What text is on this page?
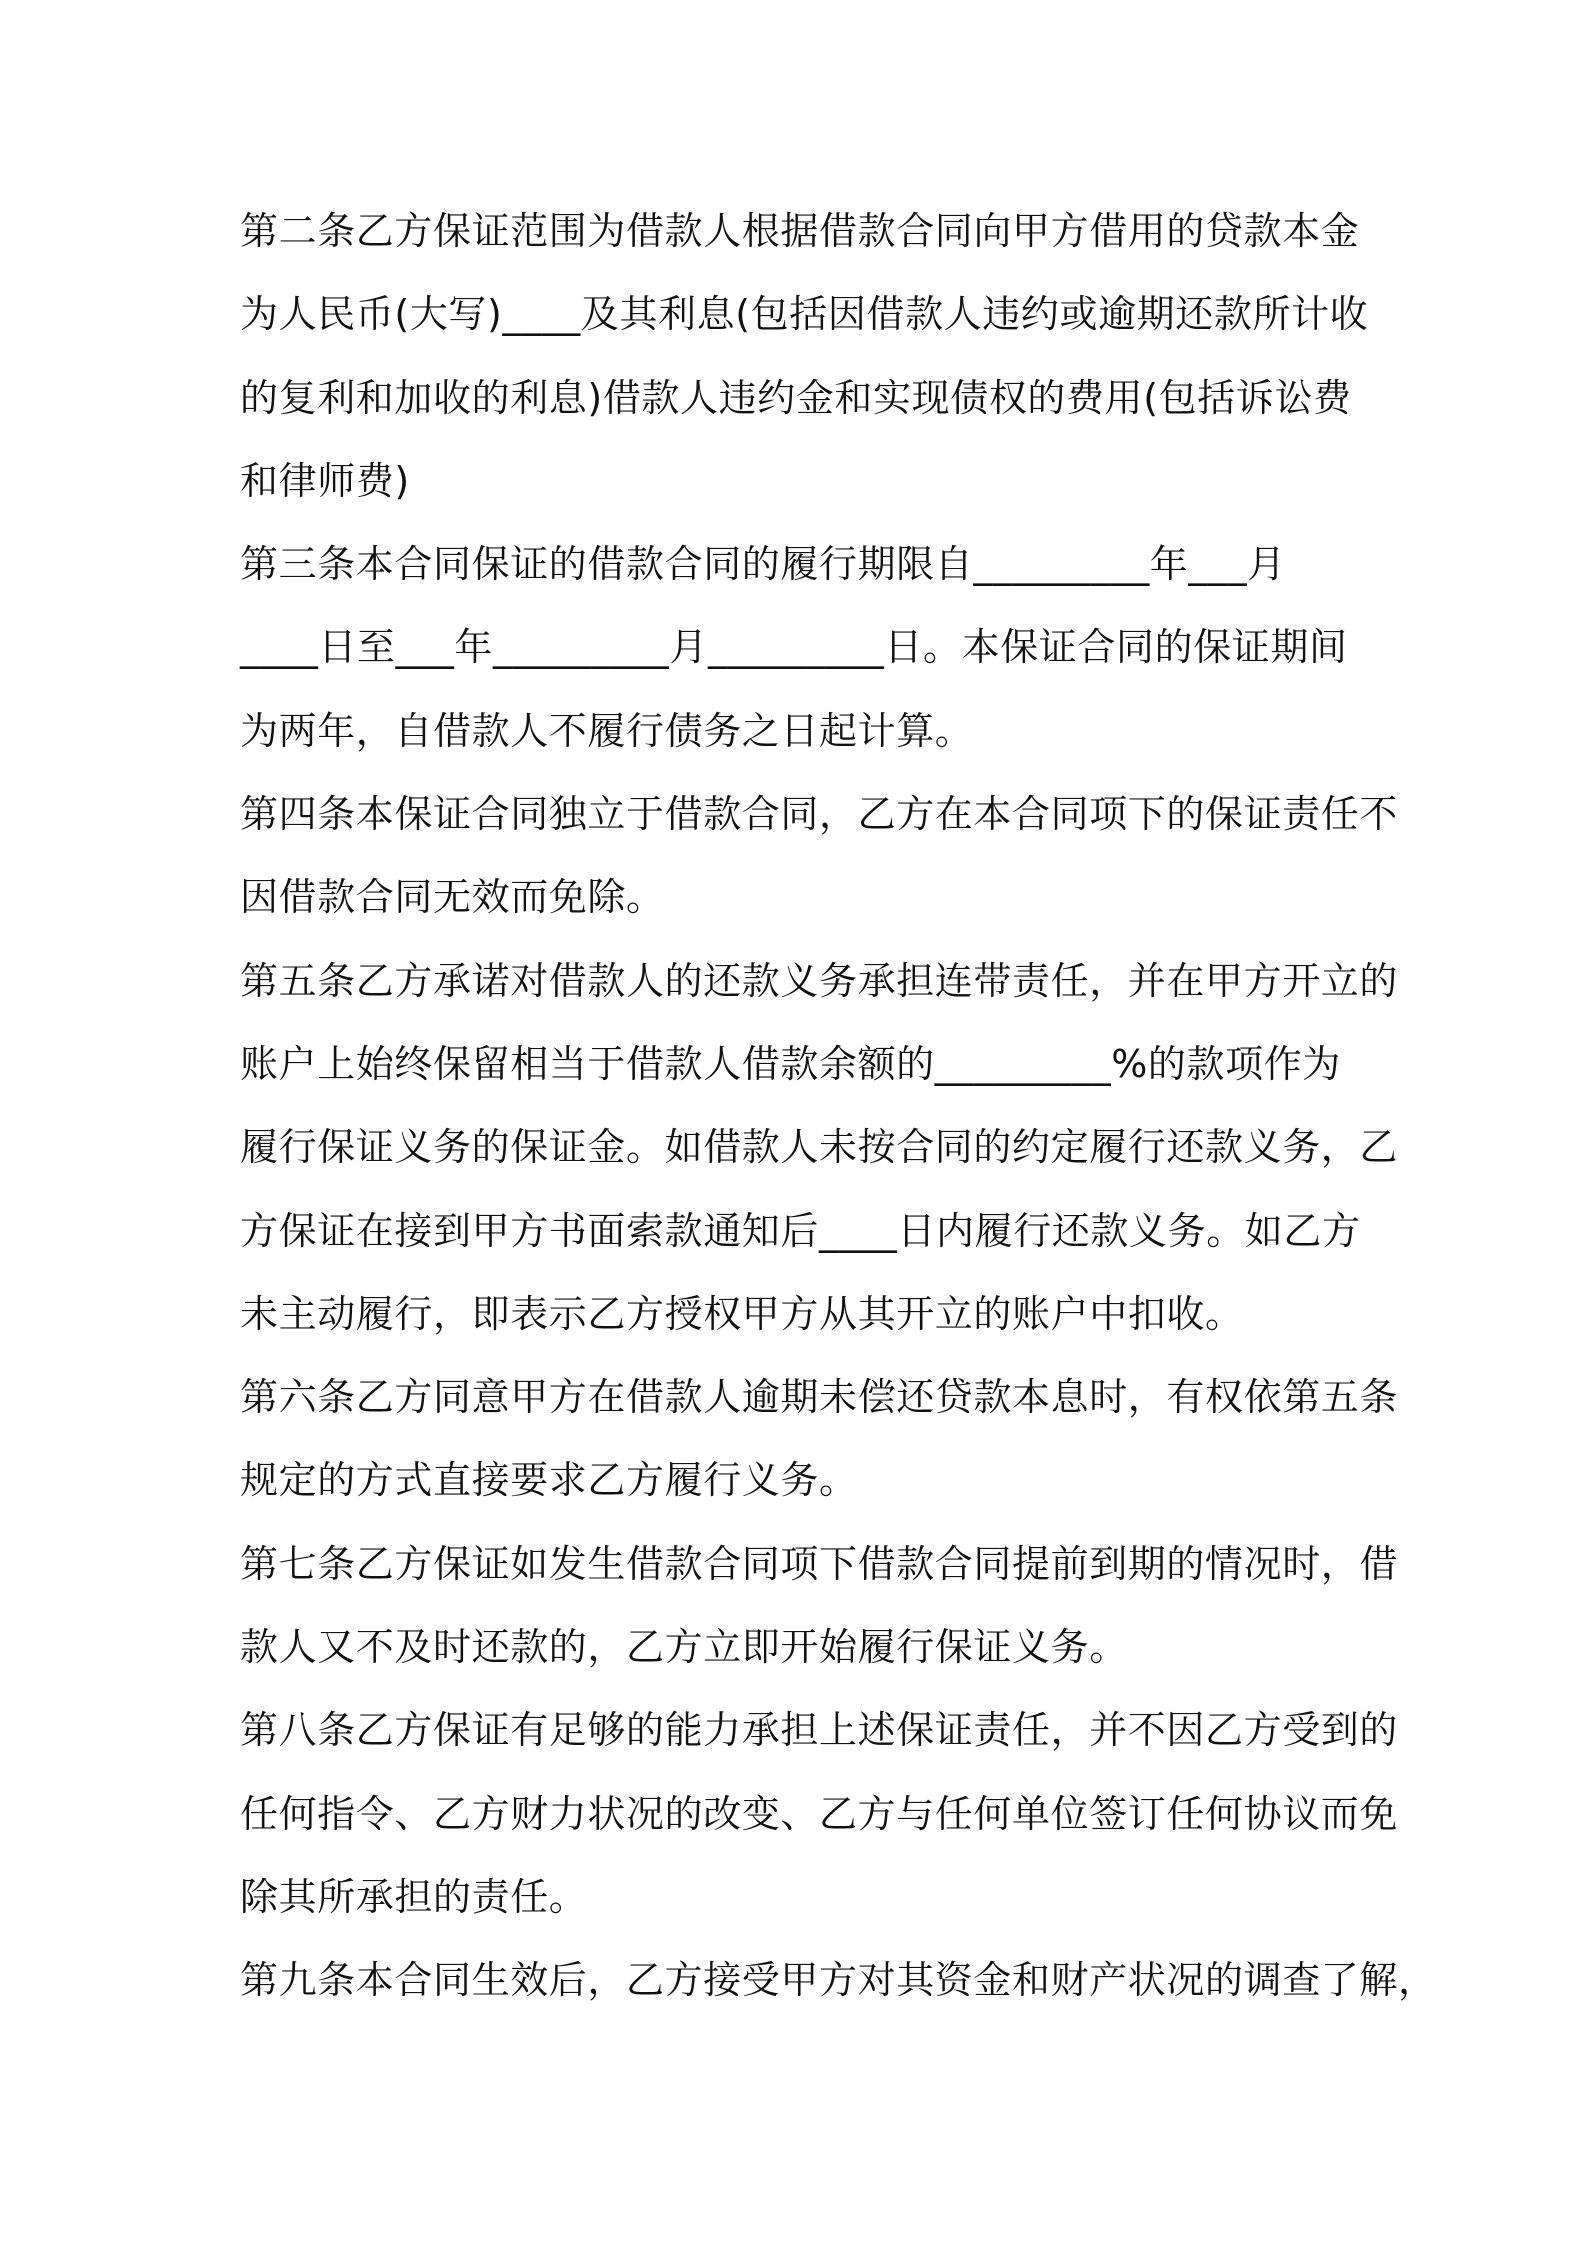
第二条乙方保证范围为借款人根据借款合同向甲方借用的贷款本金
为人民币(大写)____及其利息(包括因借款人违约或逾期还款所计收
的复利和加收的利息)借款人违约金和实现债权的费用(包括诉讼费
和律师费)
第三条本合同保证的借款合同的履行期限自_________年___月
____日至___年_________月_________日。本保证合同的保证期间
为两年，自借款人不履行债务之日起计算。
第四条本保证合同独立于借款合同，乙方在本合同项下的保证责任不
因借款合同无效而免除。
第五条乙方承诺对借款人的还款义务承担连带责任，并在甲方开立的
账户上始终保留相当于借款人借款余额的_________%的款项作为
履行保证义务的保证金。如借款人未按合同的约定履行还款义务，乙
方保证在接到甲方书面索款通知后____日内履行还款义务。如乙方
未主动履行，即表示乙方授权甲方从其开立的账户中扣收。
第六条乙方同意甲方在借款人逾期未偿还贷款本息时，有权依第五条
规定的方式直接要求乙方履行义务。
第七条乙方保证如发生借款合同项下借款合同提前到期的情况时，借
款人又不及时还款的，乙方立即开始履行保证义务。
第八条乙方保证有足够的能力承担上述保证责任，并不因乙方受到的
任何指令、乙方财力状况的改变、乙方与任何单位签订任何协议而免
除其所承担的责任。
第九条本合同生效后，乙方接受甲方对其资金和财产状况的调查了解，
